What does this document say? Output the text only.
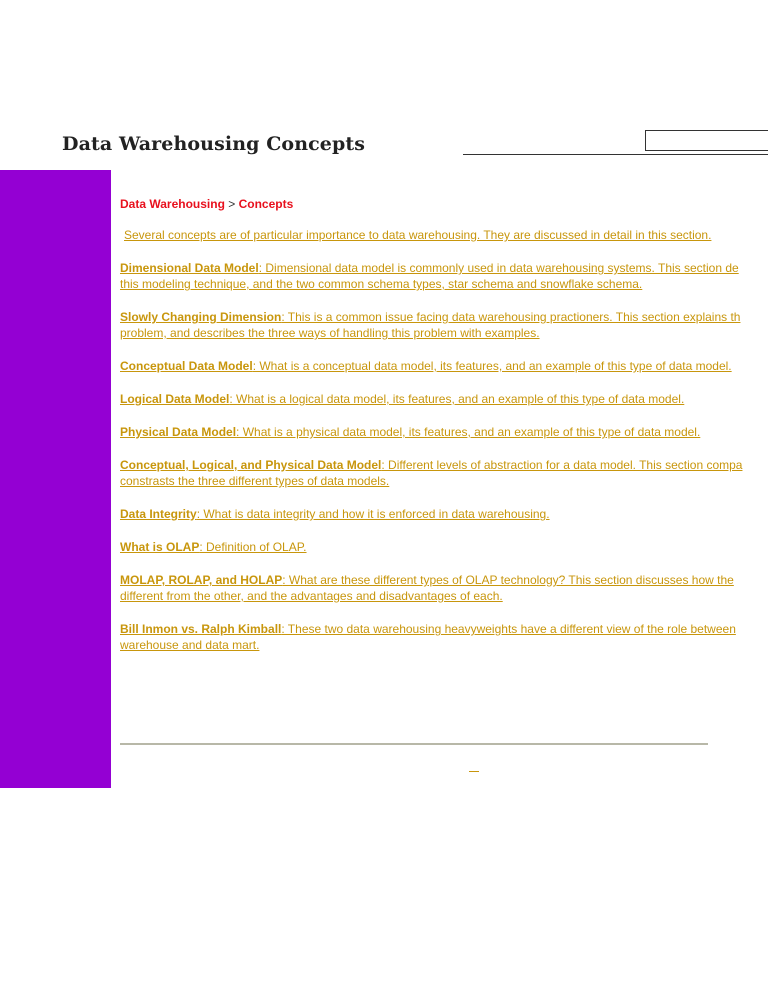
Data Warehousing Concepts
Data Warehousing > Concepts
Several concepts are of particular importance to data warehousing. They are discussed in detail in this section.
Dimensional Data Model: Dimensional data model is commonly used in data warehousing systems. This section de
this modeling technique, and the two common schema types, star schema and snowflake schema.
Slowly Changing Dimension: This is a common issue facing data warehousing practioners. This section explains th
problem, and describes the three ways of handling this problem with examples.
Conceptual Data Model: What is a conceptual data model, its features, and an example of this type of data model.
Logical Data Model: What is a logical data model, its features, and an example of this type of data model.
Physical Data Model: What is a physical data model, its features, and an example of this type of data model.
Conceptual, Logical, and Physical Data Model: Different levels of abstraction for a data model. This section compa
constrasts the three different types of data models.
Data Integrity: What is data integrity and how it is enforced in data warehousing.
What is OLAP: Definition of OLAP.
MOLAP, ROLAP, and HOLAP: What are these different types of OLAP technology? This section discusses how the
different from the other, and the advantages and disadvantages of each.
Bill Inmon vs. Ralph Kimball: These two data warehousing heavyweights have a different view of the role between
warehouse and data mart.
